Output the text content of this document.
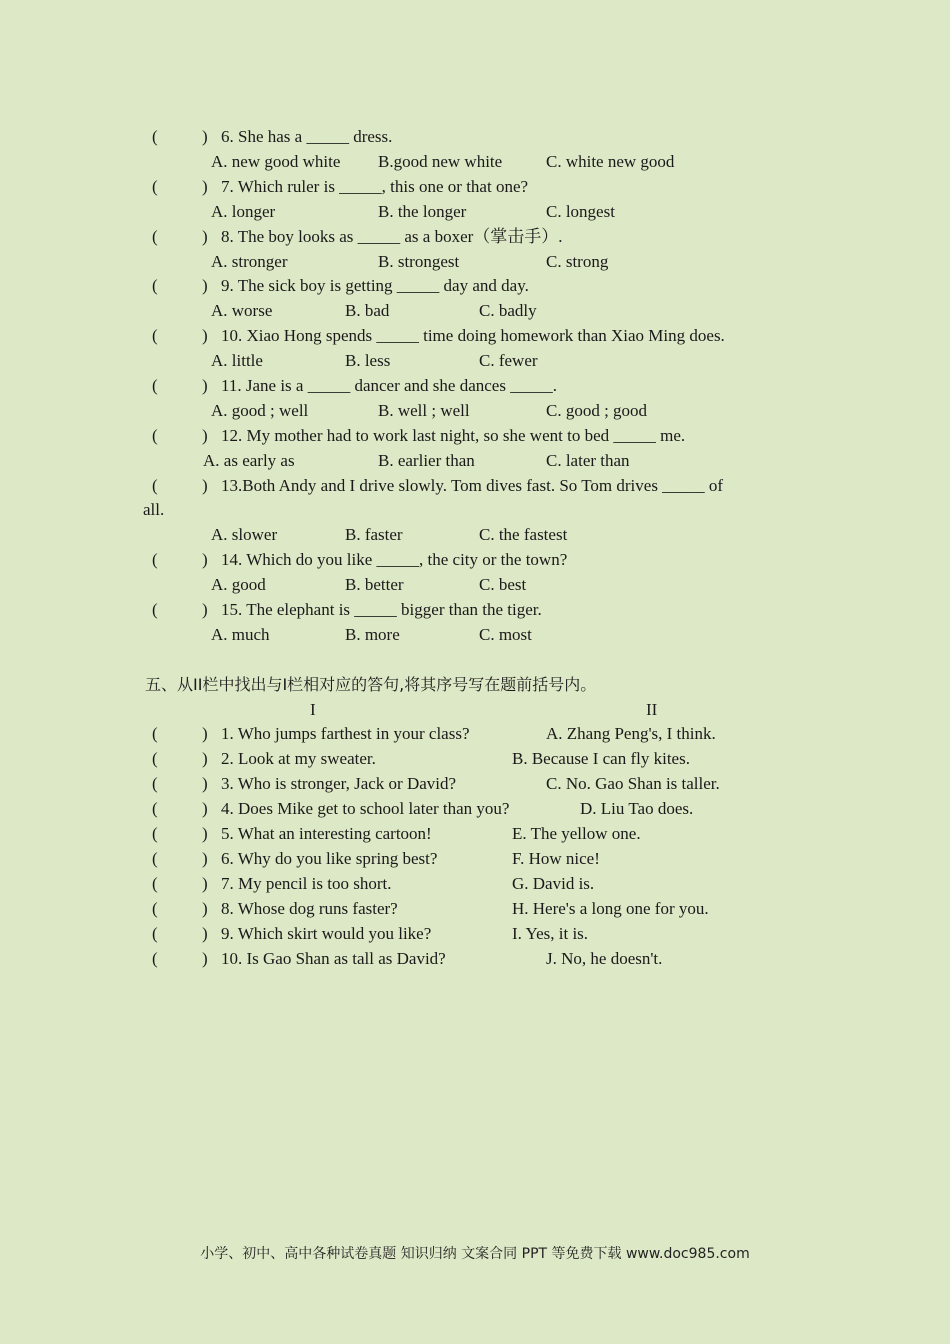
(	) 6. She has a _____ dress.
A. new good white B.good new white	C. white new good
(	) 7. Which ruler is _____, this one or that one?
A. longer	B. the longer	C. longest
(	) 8. The boy looks as _____ as a boxer（掌击手）.
A. stronger	B. strongest	C. strong
(	) 9. The sick boy is getting _____ day and day.
A. worse	B. bad	C. badly
(	) 10. Xiao Hong spends _____ time doing homework than Xiao Ming does.
A. little	B. less	C. fewer
(	) 11. Jane is a _____ dancer and she dances _____.
A. good ; well	B. well ; well	C. good ; good
(	) 12. My mother had to work last night, so she went to bed _____ me.
A. as early as	B. earlier than	C. later than
(	) 13.Both Andy and I drive slowly. Tom dives fast. So Tom drives _____ of
all.
A. slower	B. faster	C. the fastest
(	) 14. Which do you like _____, the city or the town?
A. good	B. better	C. best
(	) 15. The elephant is _____ bigger than the tiger.
A. much	B. more	C. most
五、从II栏中找出与I栏相对应的答句,将其序号写在题前括号内。
I	II
(	) 1. Who jumps farthest in your class?	A. Zhang Peng's, I think.
(	) 2. Look at my sweater.	B. Because I can fly kites.
(	) 3. Who is stronger, Jack or David?	C. No. Gao Shan is taller.
(	) 4. Does Mike get to school later than you?	D. Liu Tao does.
(	) 5. What an interesting cartoon!	E. The yellow one.
(	) 6. Why do you like spring best?	F. How nice!
(	) 7. My pencil is too short.	G. David is.
(	) 8. Whose dog runs faster?	H. Here's a long one for you.
(	) 9. Which skirt would you like?	I. Yes, it is.
(	) 10. Is Gao Shan as tall as David?	J. No, he doesn't.
小学、初中、高中各种试卷真题 知识归纳 文案合同 PPT 等免费下载 www.doc985.com
